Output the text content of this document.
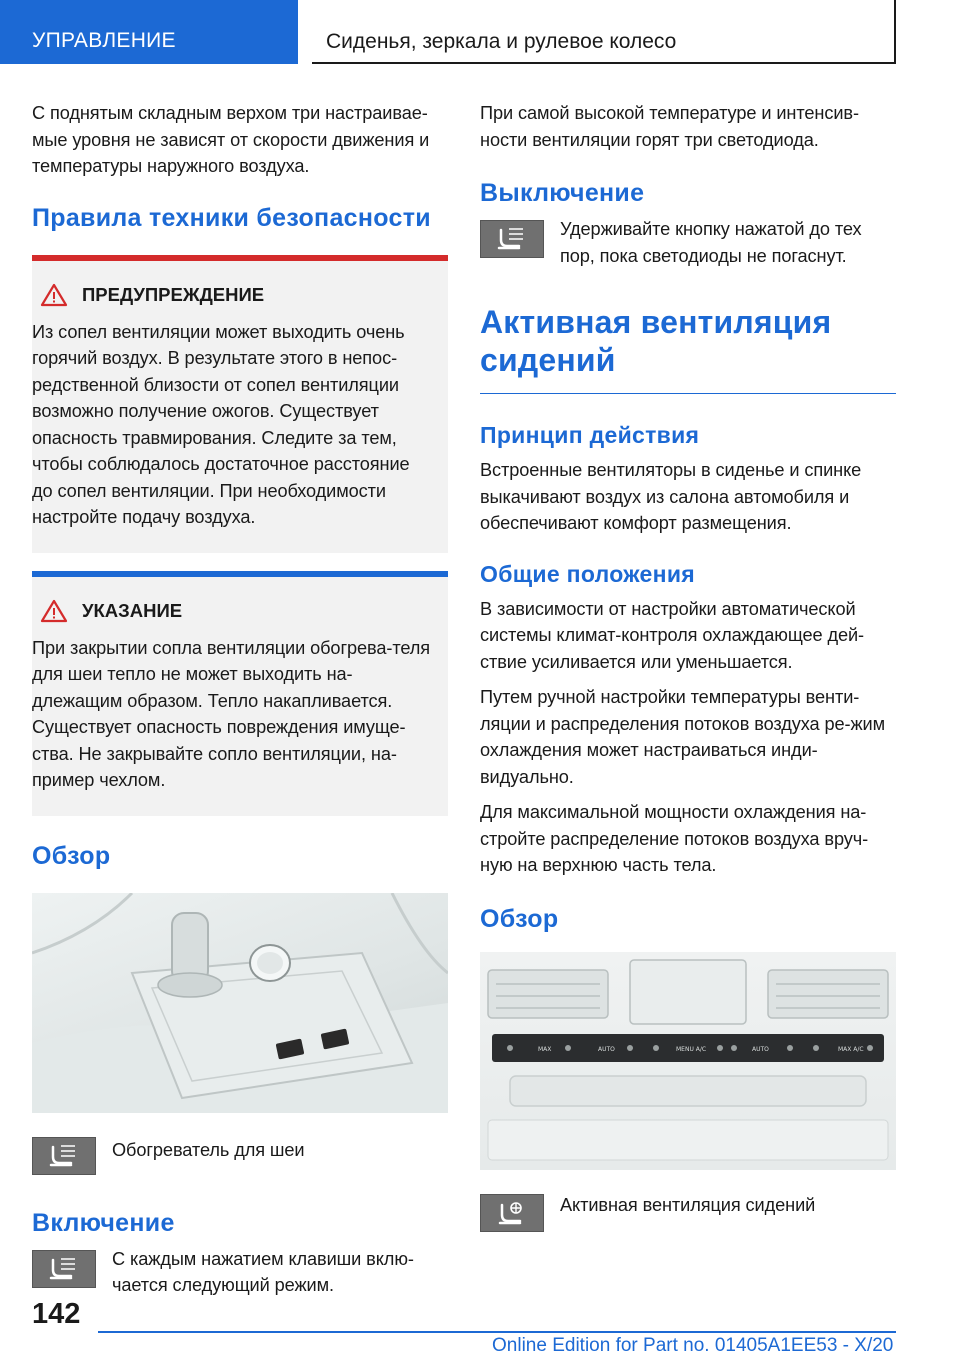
УПРАВЛЕНИЕ	Сиденья, зеркала и рулевое колесо

С поднятым складным верхом три настраивае-мые уровня не зависят от скорости движения и температуры наружного воздуха.

Правила техники безопасности
ПРЕДУПРЕЖДЕНИЕ

Из сопел вентиляции может выходить очень горячий воздух. В результате этого в непос-редственной близости от сопел вентиляции возможно получение ожогов. Существует опасность травмирования. Следите за тем, чтобы соблюдалось достаточное расстояние до сопел вентиляции. При необходимости настройте подачу воздуха.

УКАЗАНИЕ

При закрытии сопла вентиляции обогрева-теля для шеи тепло не может выходить на-длежащим образом. Тепло накапливается. Существует опасность повреждения имуще-ства. Не закрывайте сопло вентиляции, на-пример чехлом.

Обзор

Обогреватель для шеи

Включение

С каждым нажатием клавиши вклю-чается следующий режим.

При самой высокой температуре и интенсив-ности вентиляции горят три светодиода.

Выключение

Удерживайте кнопку нажатой до тех пор, пока светодиоды не погаснут.

Активная вентиляция
сидений
Принцип действия

Встроенные вентиляторы в сиденье и спинке выкачивают воздух из салона автомобиля и обеспечивают комфорт размещения.

Общие положения

В зависимости от настройки автоматической системы климат-контроля охлаждающее дей-ствие усиливается или уменьшается.

Путем ручной настройки температуры венти-ляции и распределения потоков воздуха ре-жим охлаждения может настраиваться инди-видуально.

Для максимальной мощности охлаждения на-стройте распределение потоков воздуха вруч-ную на верхнюю часть тела.

Обзор
MAX	AUTO	MENU A/C	AUTO	MAX A/C

Активная вентиляция сидений

142
Online Edition for Part no. 01405A1EE53 - X/20
